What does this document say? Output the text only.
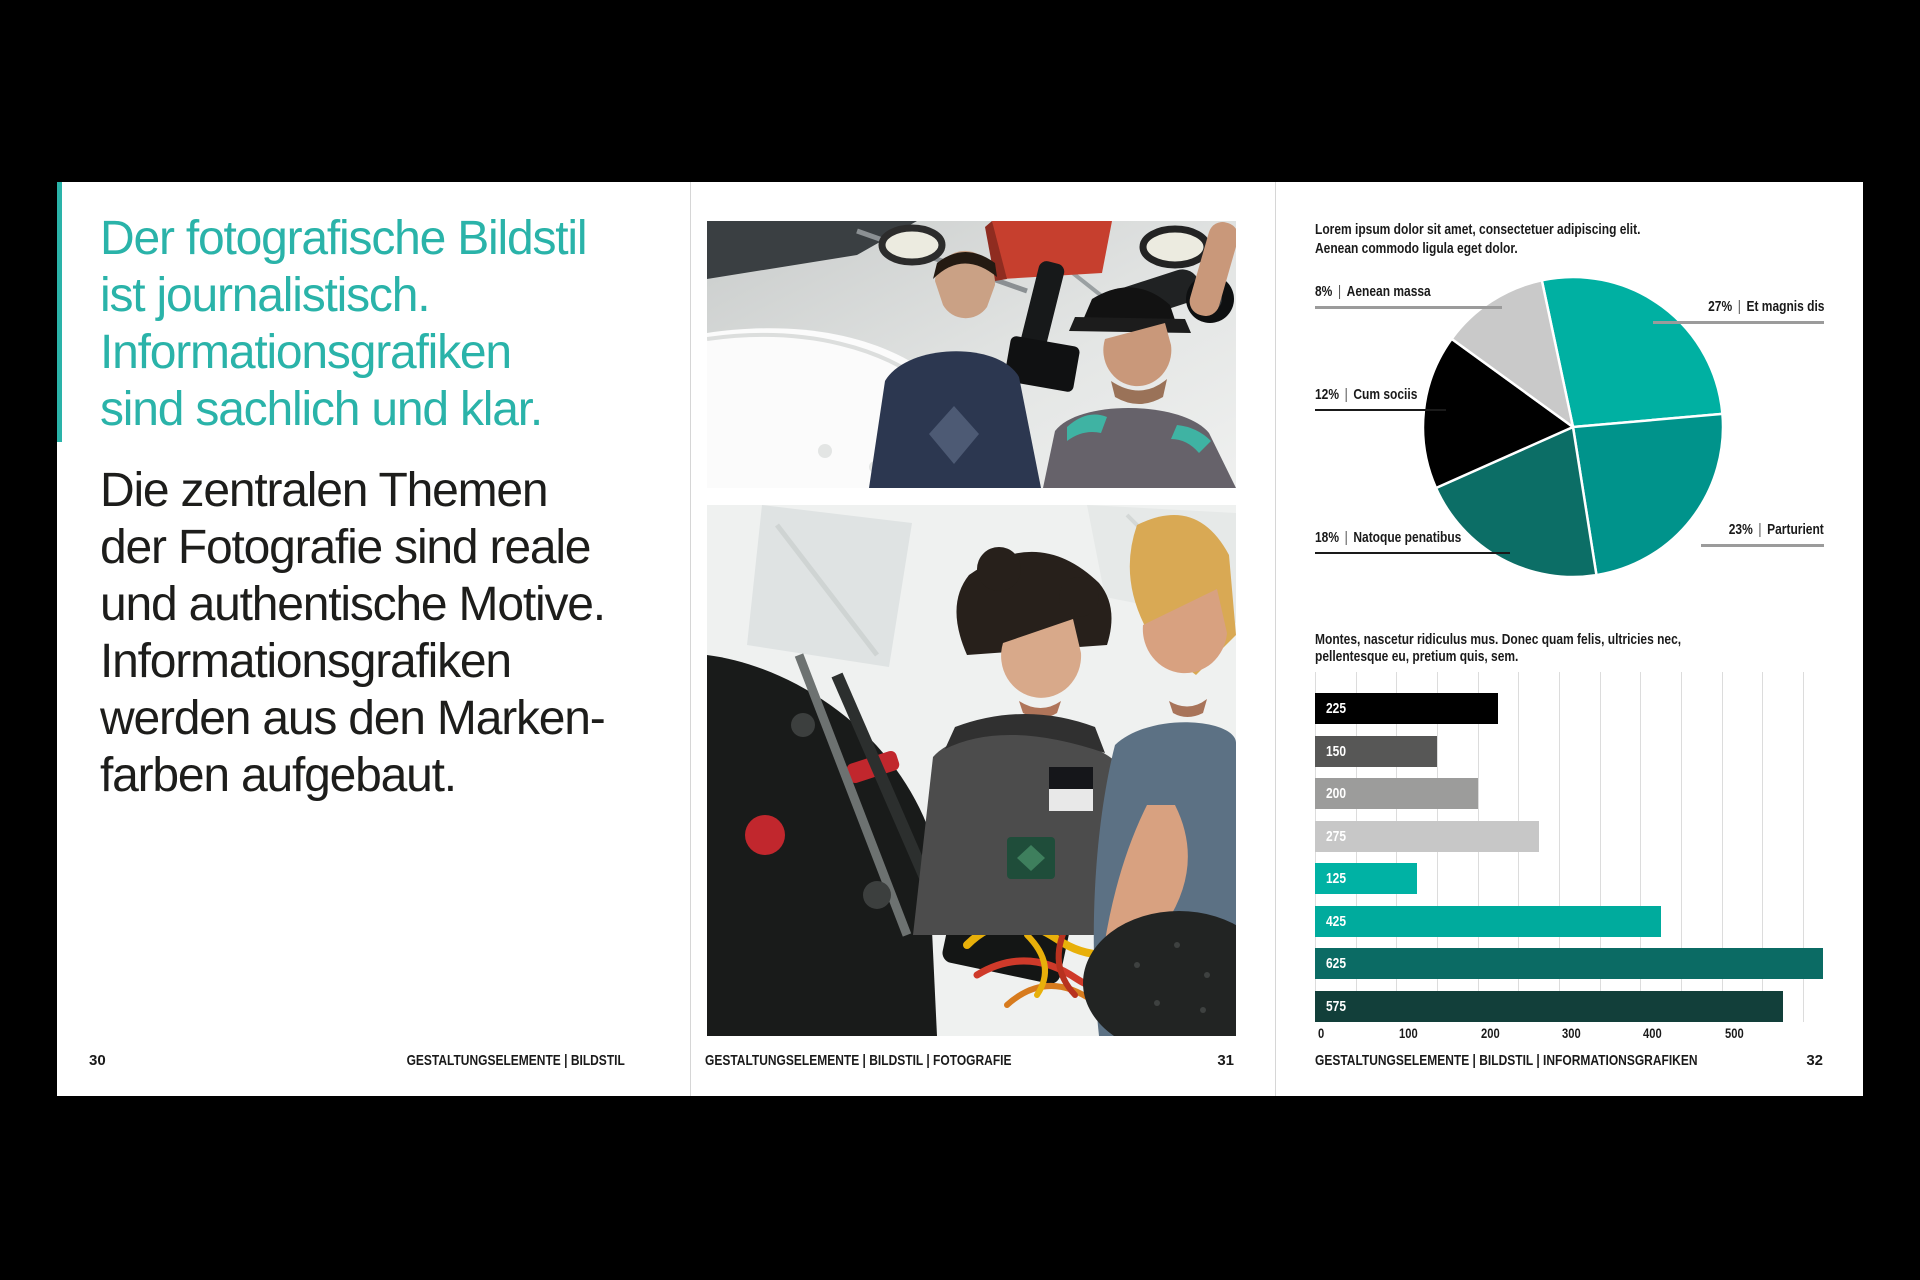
Der fotografische Bildstil
ist journalistisch.
Informationsgrafiken
sind sachlich und klar.
Die zentralen Themen
der Fotografie sind reale
und authentische Motive.
Informationsgrafiken
werden aus den Marken-
farben aufgebaut.
30	GESTALTUNGSELEMENTE | BILDSTIL	GESTALTUNGSELEMENTE | BILDSTIL | FOTOGRAFIE	31
Lorem ipsum dolor sit amet, consectetuer adipiscing elit.
Aenean commodo ligula eget dolor.
27% | Et magnis dis
23% | Parturient
18% | Natoque penatibus
12% | Cum sociis
8% | Aenean massa
Montes, nascetur ridiculus mus. Donec quam felis, ultricies nec,
pellentesque eu, pretium quis, sem.
225
150
200
275
125
425
625
575
0	100	200	300	400	500
GESTALTUNGSELEMENTE | BILDSTIL | INFORMATIONSGRAFIKEN	32
